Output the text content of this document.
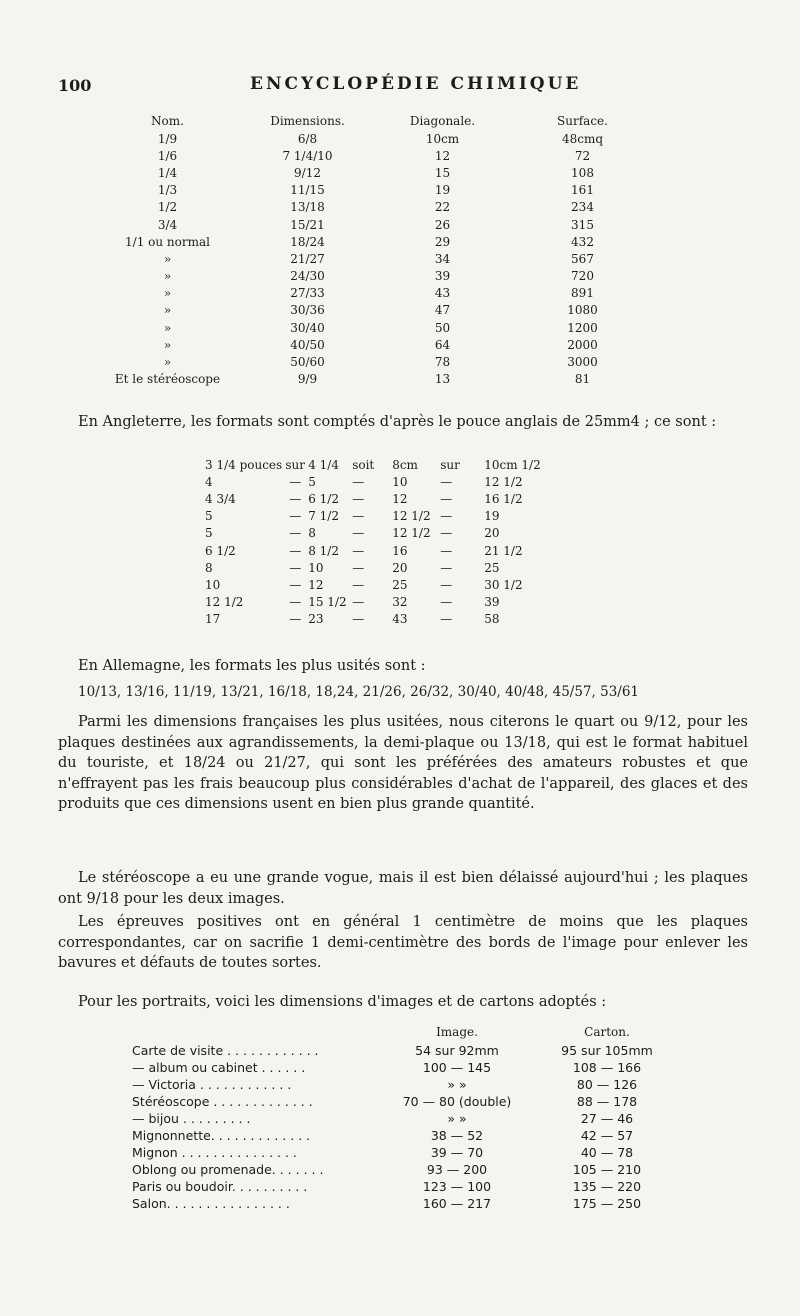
100	ENCYCLOPÉDIE CHIMIQUE
Nom.	Dimensions.	Diagonale.	Surface.
1/9	6/8	10cm	48cmq
1/6	7 1/4/10	12	72
1/4	9/12	15	108
1/3	11/15	19	161
1/2	13/18	22	234
3/4	15/21	26	315
1/1 ou normal	18/24	29	432
»	21/27	34	567
»	24/30	39	720
»	27/33	43	891
»	30/36	47	1080
»	30/40	50	1200
»	40/50	64	2000
»	50/60	78	3000
Et le stéréoscope	9/9	13	81
En Angleterre, les formats sont comptés d'après le pouce anglais de 25mm4 ; ce sont :
3 1/4 pouces	sur	4 1/4	soit	8cm	sur	10cm 1/2
4	—	5	—	10	—	12 1/2
4 3/4	—	6 1/2	—	12	—	16 1/2
5	—	7 1/2	—	12 1/2	—	19
5	—	8	—	12 1/2	—	20
6 1/2	—	8 1/2	—	16	—	21 1/2
8	—	10	—	20	—	25
10	—	12	—	25	—	30 1/2
12 1/2	—	15 1/2	—	32	—	39
17	—	23	—	43	—	58
En Allemagne, les formats les plus usités sont :
10/13, 13/16, 11/19, 13/21, 16/18, 18,24, 21/26, 26/32, 30/40, 40/48, 45/57, 53/61
Parmi les dimensions françaises les plus usitées, nous citerons le quart ou 9/12, pour les plaques destinées aux agrandissements, la demi-plaque ou 13/18, qui est le format habituel du touriste, et 18/24 ou 21/27, qui sont les préférées des amateurs robustes et que n'effrayent pas les frais beaucoup plus considérables d'achat de l'appareil, des glaces et des produits que ces dimensions usent en bien plus grande quantité.
Le stéréoscope a eu une grande vogue, mais il est bien délaissé aujourd'hui ; les plaques ont 9/18 pour les deux images.
Les épreuves positives ont en général 1 centimètre de moins que les plaques correspondantes, car on sacrifie 1 demi-centimètre des bords de l'image pour enlever les bavures et défauts de toutes sortes.
Pour les portraits, voici les dimensions d'images et de cartons adoptés :
	Image.	Carton.
Carte de visite . . . . . . . . . . . .	54 sur 92mm	95 sur 105mm
— album ou cabinet . . . . . .	100 — 145	108 — 166
— Victoria . . . . . . . . . . . .	» »	80 — 126
Stéréoscope . . . . . . . . . . . . .	70 — 80 (double)	88 — 178
— bijou . . . . . . . . .	» »	27 — 46
Mignonnette. . . . . . . . . . . . .	38 — 52	42 — 57
Mignon . . . . . . . . . . . . . . .	39 — 70	40 — 78
Oblong ou promenade. . . . . . .	93 — 200	105 — 210
Paris ou boudoir. . . . . . . . . .	123 — 100	135 — 220
Salon. . . . . . . . . . . . . . . .	160 — 217	175 — 250
